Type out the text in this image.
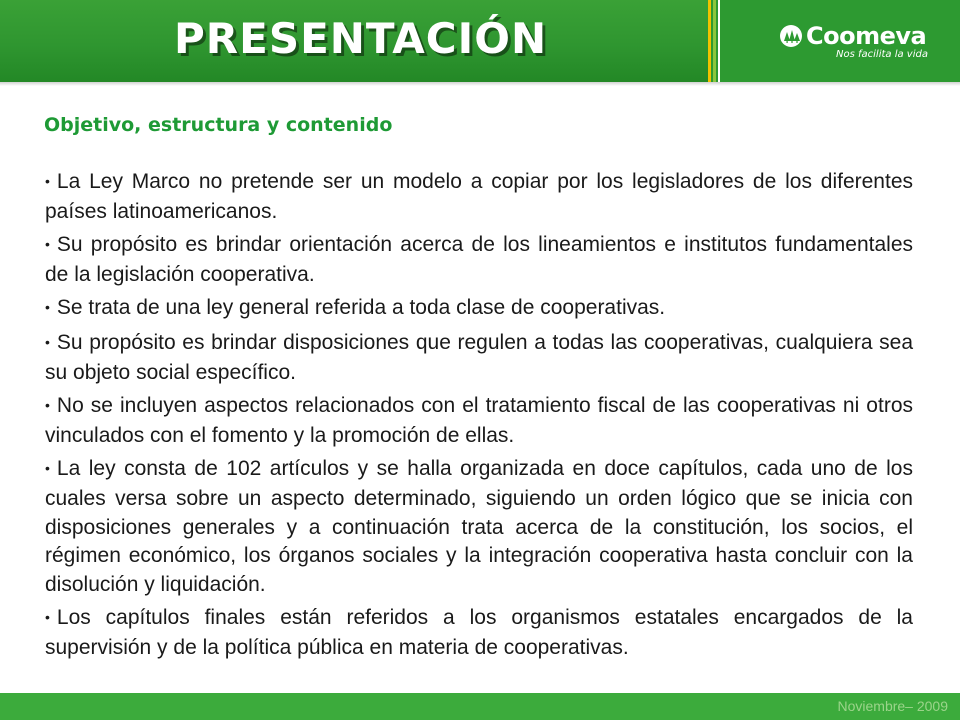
PRESENTACIÓN	Coomeva
Nos facilita la vida
Objetivo, estructura y contenido
• La Ley Marco no pretende ser un modelo a copiar por los legisladores de los diferentes países latinoamericanos.
• Su propósito es brindar orientación acerca de los lineamientos e institutos fundamentales de la legislación cooperativa.
• Se trata de una ley general referida a toda clase de cooperativas.
• Su propósito es brindar disposiciones que regulen a todas las cooperativas, cualquiera sea su objeto social específico.
• No se incluyen aspectos relacionados con el tratamiento fiscal de las cooperativas ni otros vinculados con el fomento y la promoción de ellas.
• La ley consta de 102 artículos y se halla organizada en doce capítulos, cada uno de los cuales versa sobre un aspecto determinado, siguiendo un orden lógico que se inicia con disposiciones generales y a continuación trata acerca de la constitución, los socios, el régimen económico, los órganos sociales y la integración cooperativa hasta concluir con la disolución y liquidación.
• Los capítulos finales están referidos a los organismos estatales encargados de la supervisión y de la política pública en materia de cooperativas.
Noviembre– 2009
